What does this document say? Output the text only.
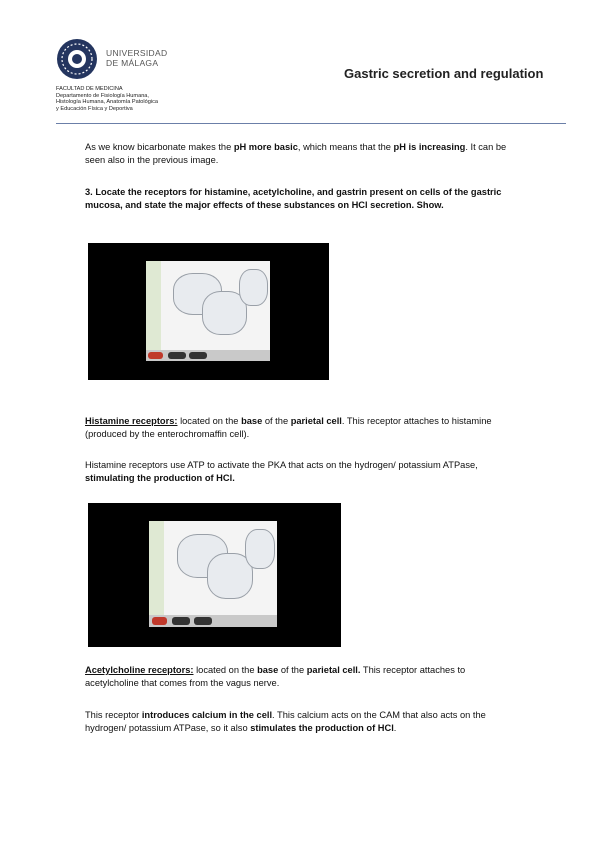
UNIVERSIDAD
DE MÁLAGA
FACULTAD DE MEDICINA
Departamento de Fisiología Humana,
Histología Humana, Anatomía Patológica
y Educación Física y Deportiva
Gastric secretion and regulation
As we know bicarbonate makes the pH more basic, which means that the pH is increasing. It can be seen also in the previous image.
3. Locate the receptors for histamine, acetylcholine, and gastrin present on cells of the gastric mucosa, and state the major effects of these substances on HCl secretion. Show.
Histamine receptors: located on the base of the parietal cell. This receptor attaches to histamine (produced by the enterochromaffin cell).
Histamine receptors use ATP to activate the PKA that acts on the hydrogen/ potassium ATPase, stimulating the production of HCl.
Acetylcholine receptors: located on the base of the parietal cell. This receptor attaches to acetylcholine that comes from the vagus nerve.
This receptor introduces calcium in the cell. This calcium acts on the CAM that also acts on the hydrogen/ potassium ATPase, so it also stimulates the production of HCl.
